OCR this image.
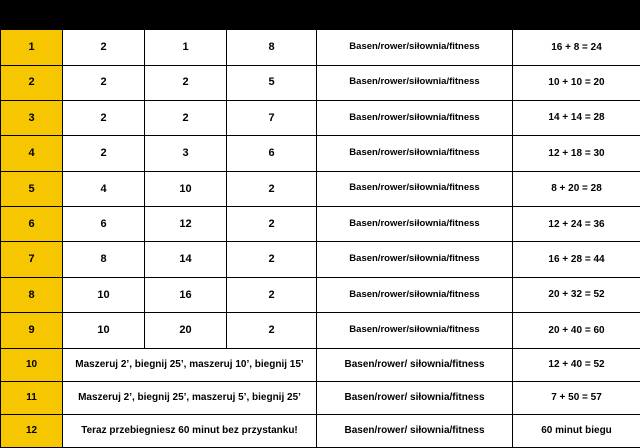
Tydzień	Minuty marszu	Minuty biegu	Powtórzenia	Trening dodatkowy raz w tygodniu (do wyboru)	Czas wysiłku marsz + bieg = łącznie
1	2	1	8	Basen/rower/siłownia/fitness	16 + 8 = 24
2	2	2	5	Basen/rower/siłownia/fitness	10 + 10 = 20
3	2	2	7	Basen/rower/siłownia/fitness	14 + 14 = 28
4	2	3	6	Basen/rower/siłownia/fitness	12 + 18 = 30
5	4	10	2	Basen/rower/siłownia/fitness	8 + 20 = 28
6	6	12	2	Basen/rower/siłownia/fitness	12 + 24 = 36
7	8	14	2	Basen/rower/siłownia/fitness	16 + 28 = 44
8	10	16	2	Basen/rower/siłownia/fitness	20 + 32 = 52
9	10	20	2	Basen/rower/siłownia/fitness	20 + 40 = 60
10	Maszeruj 2’, biegnij 25’, maszeruj 10’, biegnij 15’			Basen/rower/ siłownia/fitness	12 + 40 = 52
11	Maszeruj 2’, biegnij 25’, maszeruj 5’, biegnij 25’			Basen/rower/ siłownia/fitness	7 + 50 = 57
12	Teraz przebiegniesz 60 minut bez przystanku!			Basen/rower/ siłownia/fitness	60 minut biegu
